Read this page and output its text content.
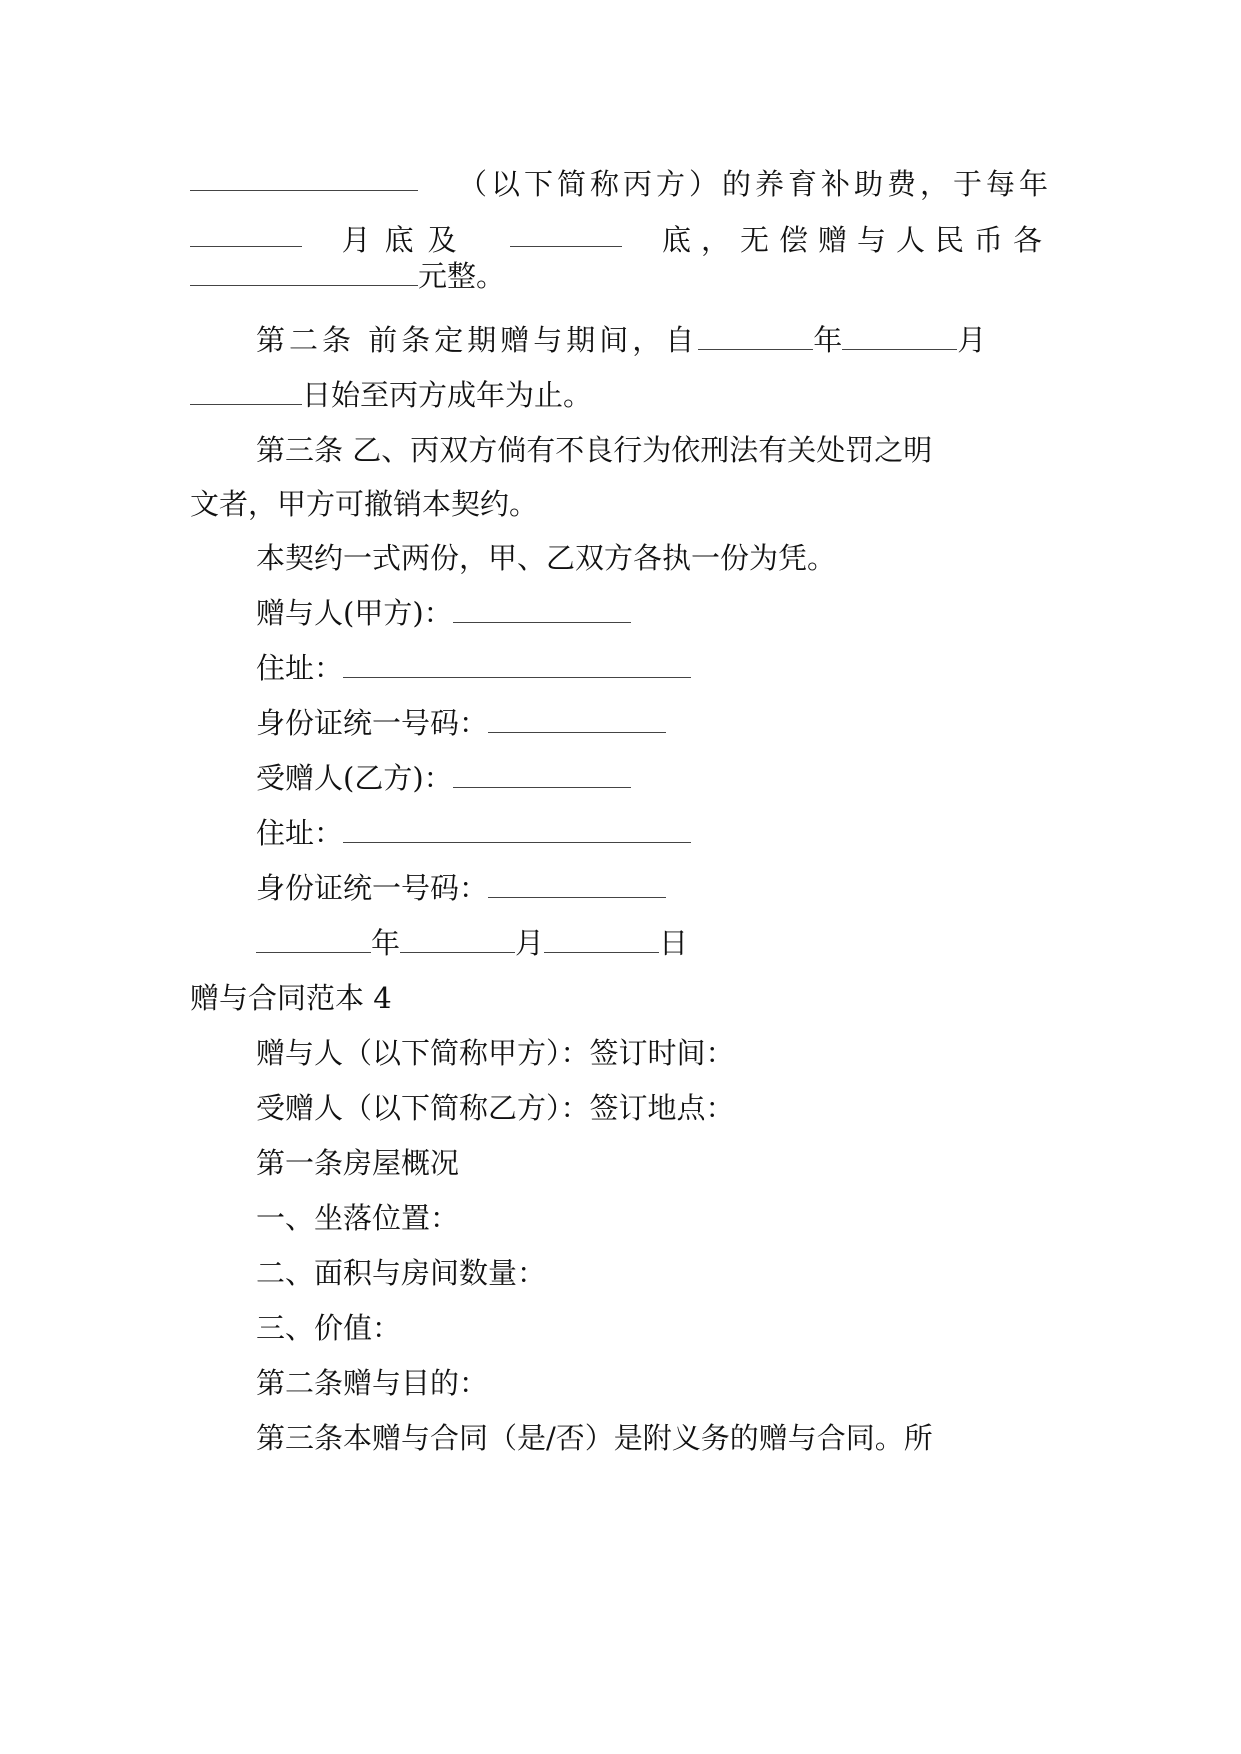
（以下简称丙方）的养育补助费，于每年
月底及	底，无偿赠与人民币各
元整。
第二条 前条定期赠与期间，自	年	月
日始至丙方成年为止。
第三条 乙、丙双方倘有不良行为依刑法有关处罚之明
文者，甲方可撤销本契约。
本契约一式两份，甲、乙双方各执一份为凭。
赠与人(甲方)：
住址：
身份证统一号码：
受赠人(乙方)：
住址：
身份证统一号码：
年	月	日
赠与合同范本 4
赠与人（以下简称甲方）：签订时间：
受赠人（以下简称乙方）：签订地点：
第一条房屋概况
一、坐落位置：
二、面积与房间数量：
三、价值：
第二条赠与目的：
第三条本赠与合同（是/否）是附义务的赠与合同。所
